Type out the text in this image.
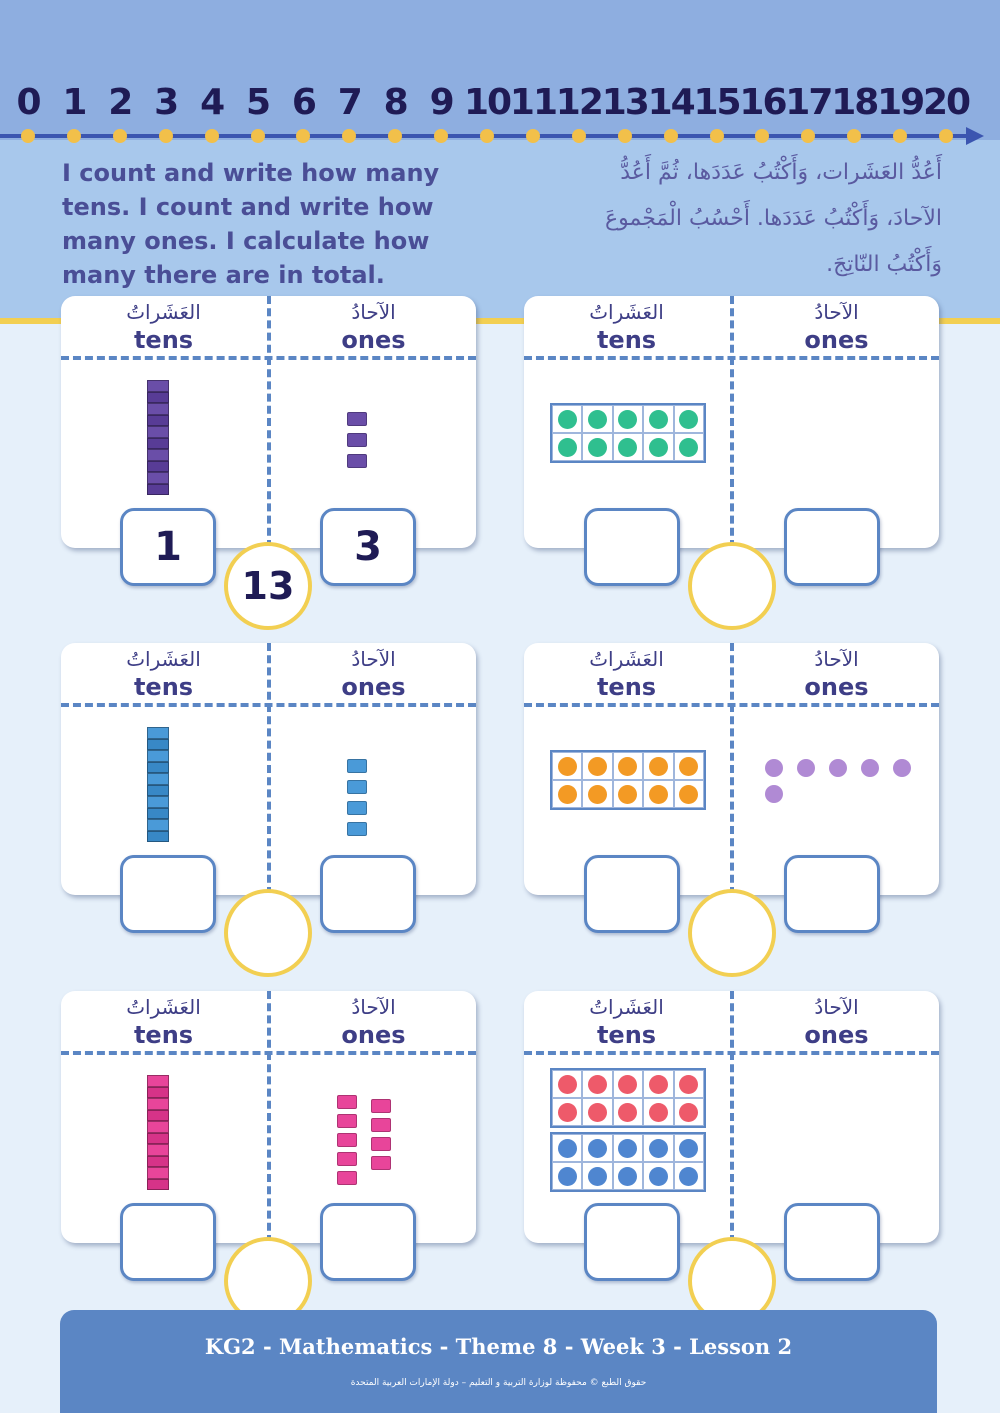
0 1 2 3 4 5 6 7 8 9 10 11 12 13 14 15 16 17 18 19 20
I count and write how many tens. I count and write how many ones. I calculate how many there are in total.
أَعُدُّ العَشَرات، وَأَكْتُبُ عَدَدَها، ثُمَّ أَعُدُّ الآحادَ، وَأَكْتُبُ عَدَدَها. أَحْسُبُ الْمَجْموعَ وَأَكْتُبُ النّاتِجَ.
العَشَراتُ
tens
الآحادُ
ones
العَشَراتُ
tens
الآحادُ
ones
العَشَراتُ
tens
الآحادُ
ones
العَشَراتُ
tens
الآحادُ
ones
العَشَراتُ
tens
الآحادُ
ones
العَشَراتُ
tens
الآحادُ
ones
1	3
13
KG2 - Mathematics - Theme 8 - Week 3 - Lesson 2
حقوق الطبع © محفوظة لوزارة التربية و التعليم – دولة الإمارات العربية المتحدة
